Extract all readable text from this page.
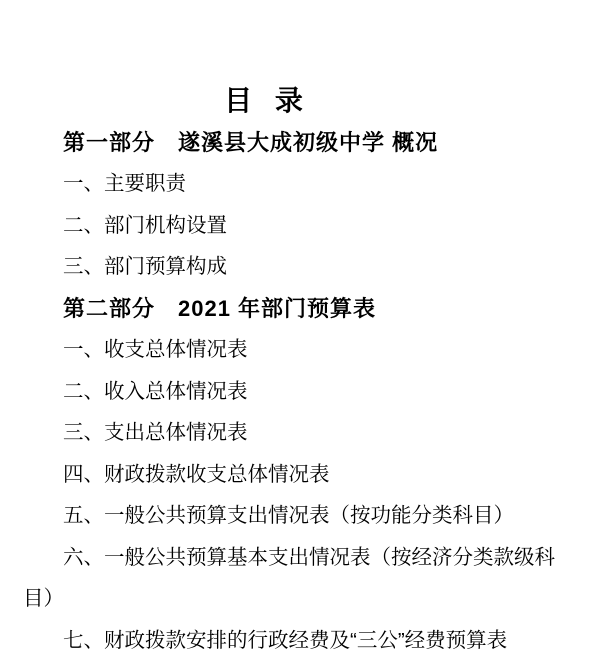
目 录

第一部分　遂溪县大成初级中学 概况

一、主要职责

二、部门机构设置

三、部门预算构成

第二部分　2021 年部门预算表

一、收支总体情况表

二、收入总体情况表

三、支出总体情况表

四、财政拨款收支总体情况表

五、一般公共预算支出情况表（按功能分类科目）

六、一般公共预算基本支出情况表（按经济分类款级科目）

七、财政拨款安排的行政经费及“三公”经费预算表
